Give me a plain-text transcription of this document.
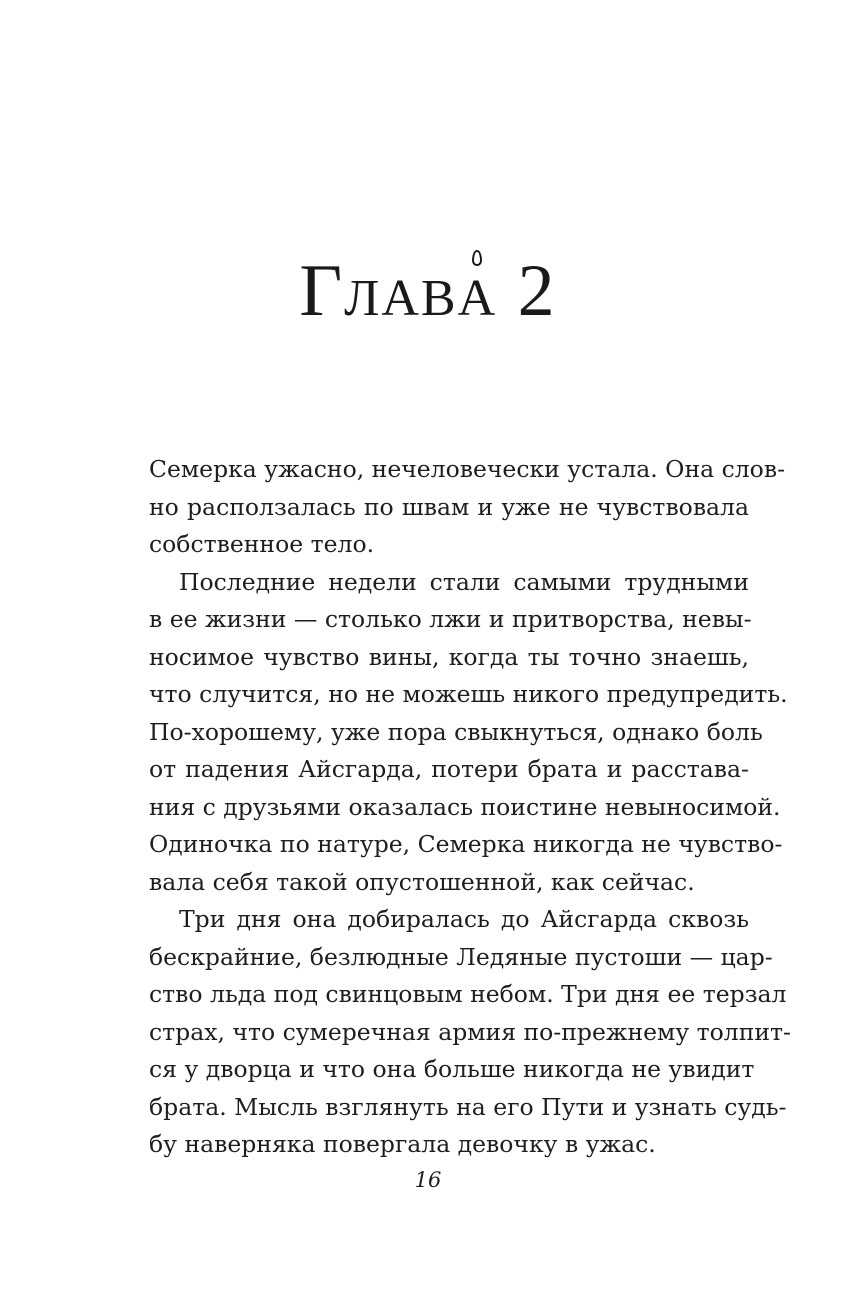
ГЛАВ
А 2
Семерка ужасно, нечеловечески устала. Она слов-
но расползалась по швам и уже не чувствовала
собственное тело.
Последние недели стали самыми трудными
в ее жизни — столько лжи и притворства, невы-
носимое чувство вины, когда ты точно знаешь,
что случится, но не можешь никого предупредить.
По-хорошему, уже пора свыкнуться, однако боль
от падения Айсгарда, потери брата и расстава-
ния с друзьями оказалась поистине невыносимой.
Одиночка по натуре, Семерка никогда не чувство-
вала себя такой опустошенной, как сейчас.
Три дня она добиралась до Айсгарда сквозь
бескрайние, безлюдные Ледяные пустоши — цар-
ство льда под свинцовым небом. Три дня ее терзал
страх, что сумеречная армия по-прежнему толпит-
ся у дворца и что она больше никогда не увидит
брата. Мысль взглянуть на его Пути и узнать судь-
бу наверняка повергала девочку в ужас.
16
